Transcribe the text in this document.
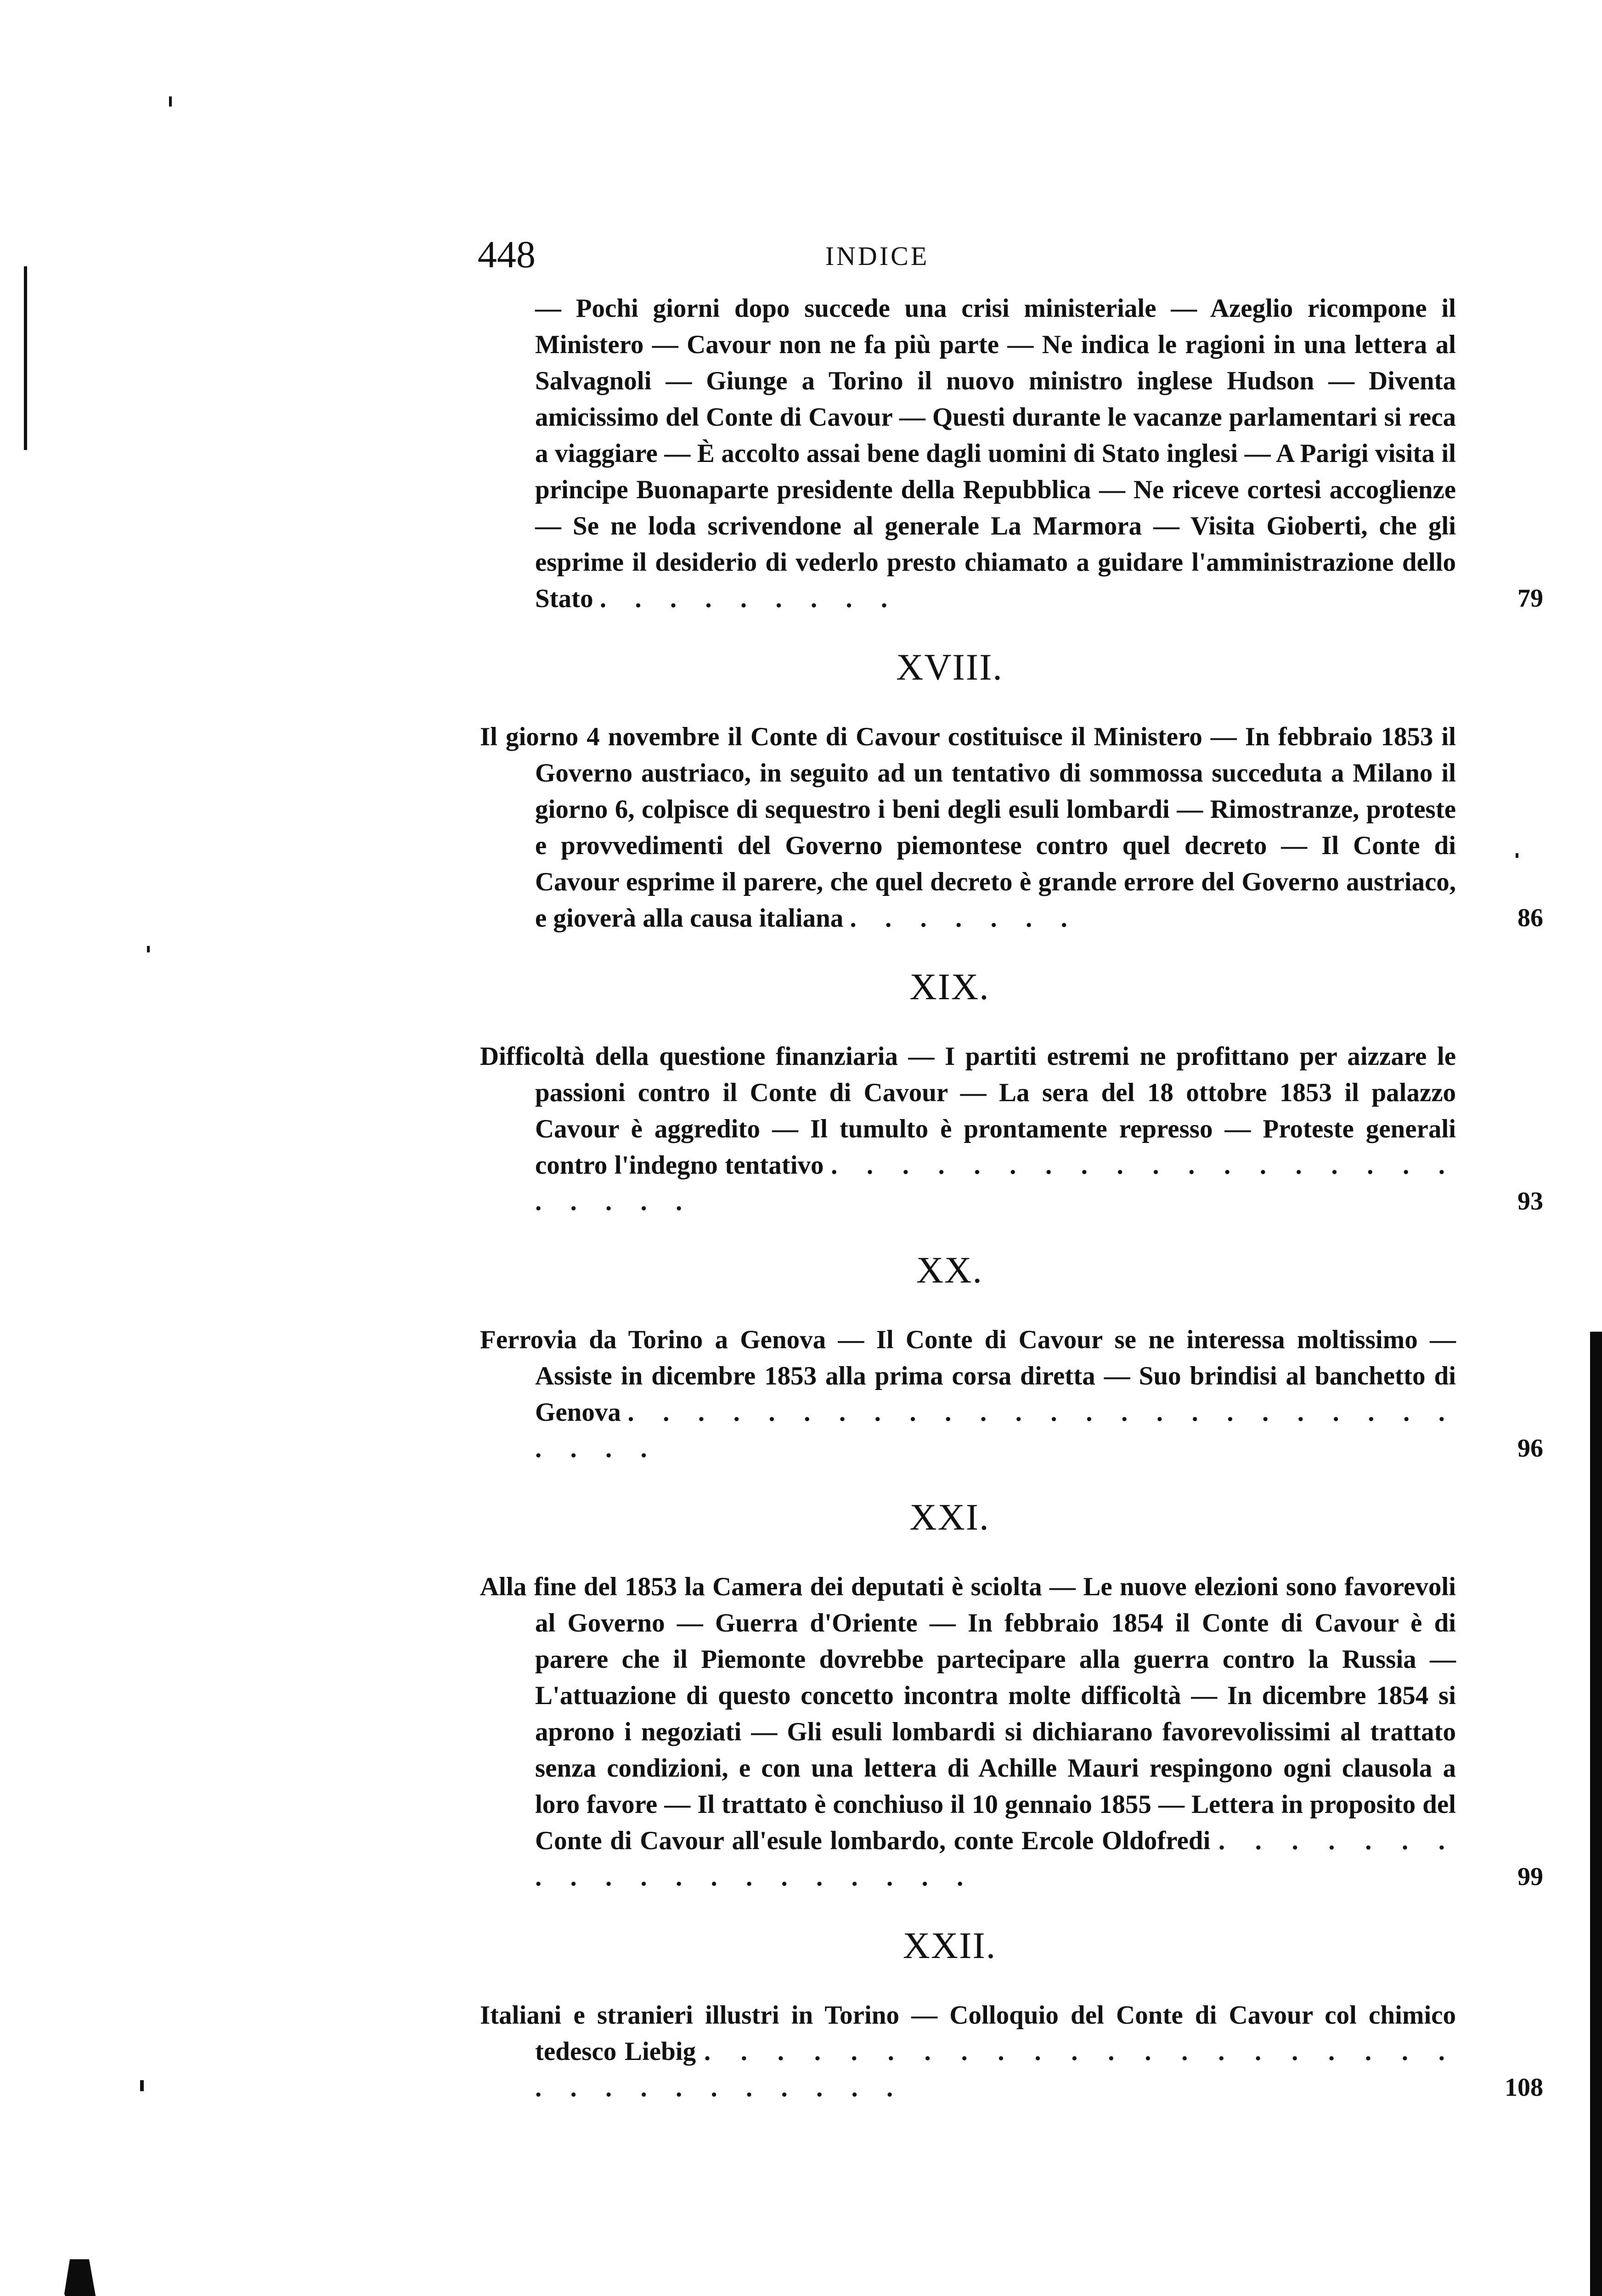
448	INDICE

— Pochi giorni dopo succede una crisi ministeriale — Azeglio ricompone il Ministero — Cavour non ne fa più parte — Ne indica le ragioni in una lettera al Salvagnoli — Giunge a Torino il nuovo ministro inglese Hudson — Diventa amicissimo del Conte di Cavour — Questi durante le vacanze parlamentari si reca a viaggiare — È accolto assai bene dagli uomini di Stato inglesi — A Parigi visita il principe Buonaparte presidente della Repubblica — Ne riceve cortesi accoglienze — Se ne loda scrivendone al generale La Marmora — Visita Gioberti, che gli esprime il desiderio di vederlo presto chiamato a guidare l'amministrazione dello Stato . . . . . . . . .	79
XVIII.

Il giorno 4 novembre il Conte di Cavour costituisce il Ministero — In febbraio 1853 il Governo austriaco, in seguito ad un tentativo di sommossa succeduta a Milano il giorno 6, colpisce di sequestro i beni degli esuli lombardi — Rimostranze, proteste e provvedimenti del Governo piemontese contro quel decreto — Il Conte di Cavour esprime il parere, che quel decreto è grande errore del Governo austriaco, e gioverà alla causa italiana . . . . . . .	86
XIX.

Difficoltà della questione finanziaria — I partiti estremi ne profittano per aizzare le passioni contro il Conte di Cavour — La sera del 18 ottobre 1853 il palazzo Cavour è aggredito — Il tumulto è prontamente represso — Proteste generali contro l'indegno tentativo . . . . . . . . . . . . . . . . . . . . . . .	93
XX.

Ferrovia da Torino a Genova — Il Conte di Cavour se ne interessa moltissimo — Assiste in dicembre 1853 alla prima corsa diretta — Suo brindisi al banchetto di Genova . . . . . . . . . . . . . . . . . . . . . . . . . . . .	96
XXI.

Alla fine del 1853 la Camera dei deputati è sciolta — Le nuove elezioni sono favorevoli al Governo — Guerra d'Oriente — In febbraio 1854 il Conte di Cavour è di parere che il Piemonte dovrebbe partecipare alla guerra contro la Russia — L'attuazione di questo concetto incontra molte difficoltà — In dicembre 1854 si aprono i negoziati — Gli esuli lombardi si dichiarano favorevolissimi al trattato senza condizioni, e con una lettera di Achille Mauri respingono ogni clausola a loro favore — Il trattato è conchiuso il 10 gennaio 1855 — Lettera in proposito del Conte di Cavour all'esule lombardo, conte Ercole Oldofredi . . . . . . . . . . . . . . . . . . . .	99
XXII.

Italiani e stranieri illustri in Torino — Colloquio del Conte di Cavour col chimico tedesco Liebig . . . . . . . . . . . . . . . . . . . . . . . . . . . . . . . .	108
